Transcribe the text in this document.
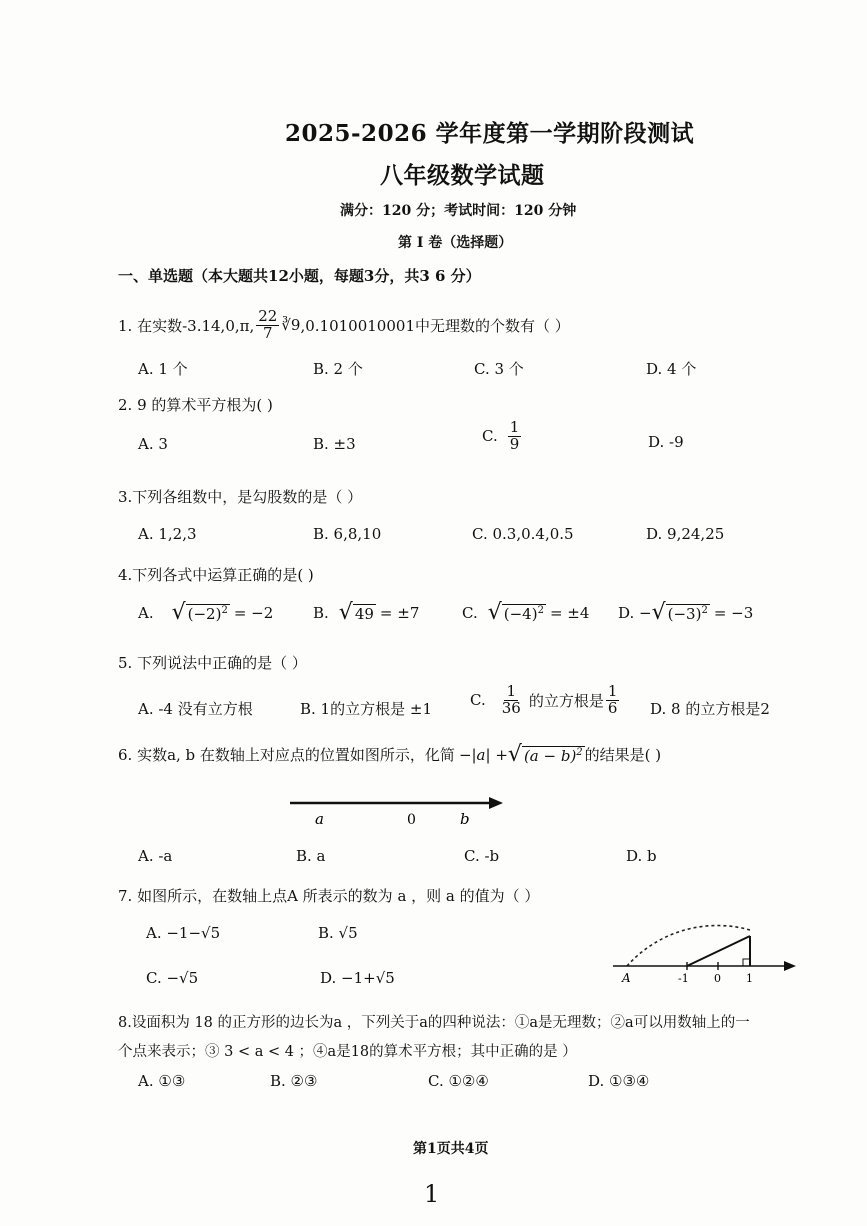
2025-2026 学年度第一学期阶段测试
八年级数学试题
满分：120 分；考试时间：120 分钟
第 I 卷（选择题）
一、单选题（本大题共12小题，每题3分，共3 6 分）
1. 在实数-3.14,0,π, $\frac{22}{7}$ ∛9 ,0.1010010001中无理数的个数有（ ）
A. 1 个	B. 2 个	C. 3 个	D. 4 个
2. 9 的算术平方根为( )
A. 3	B. ±3	C. $\frac{1}{9}$	D. -9
3.下列各组数中，是勾股数的是（ ）
A. 1,2,3	B. 6,8,10	C. 0.3,0.4,0.5	D. 9,24,25
4.下列各式中运算正确的是( )
A. √ $(-2)^2 = -2$	B. √ 49 = ±7	C. √ $(-4)^2 = \pm 4$ D. − √ $(-3)^2 = -3$
5. 下列说法中正确的是（ ）
A. -4 没有立方根	B. 1的立方根是 ±1	C. $\frac{1}{36}$ 的立方根是 $\frac{1}{6} D$. 8 的立方根是2
6. 实数a, b 在数轴上对应点的位置如图所示，化简 −|a| + √ $(a - b)^2$ 的结果是( )
a	0	b
A. -a	B. a	C. -b	D. b
7. 如图所示，在数轴上点A 所表示的数为 a ，则 a 的值为（ ）
A. −1−√5	B. √5
C. −√5	D. −1+√5	A	-1 0 1
8.设面积为 18 的正方形的边长为a ，下列关于a的四种说法：①a是无理数；②a可以用数轴上的一
个点来表示；③ 3 < a < 4 ；④a是18的算术平方根；其中正确的是 ）
A. ①③	B. ②③	C. ①②④	D. ①③④
第1页共4页
1
